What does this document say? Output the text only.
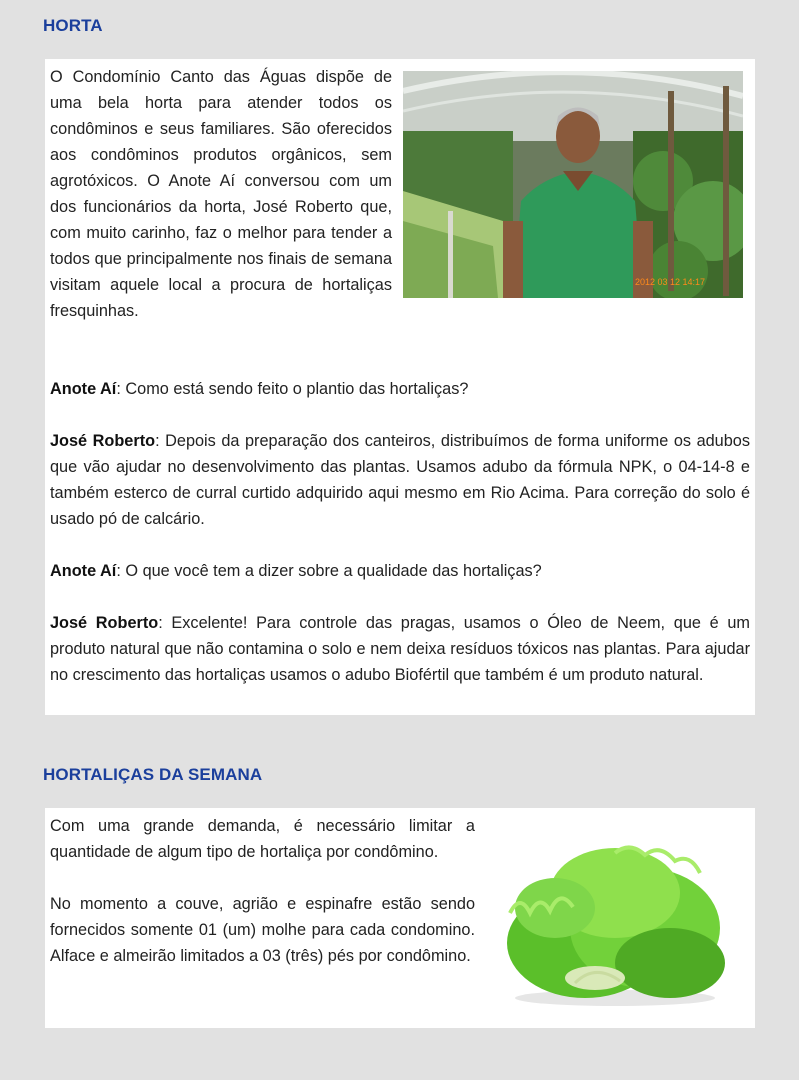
HORTA

O Condomínio Canto das Águas dispõe de uma bela horta para atender todos os condôminos e seus familiares. São oferecidos aos condôminos produtos orgânicos, sem agrotóxicos. O Anote Aí conversou com um dos funcionários da horta, José Roberto que, com muito carinho, faz o melhor para tender a todos que principalmente nos finais de semana visitam aquele local a procura de hortaliças fresquinhas.

2012 03 12 14:17

Anote Aí: Como está sendo feito o plantio das hortaliças?

José Roberto: Depois da preparação dos canteiros, distribuímos de forma uniforme os adubos que vão ajudar no desenvolvimento das plantas. Usamos adubo da fórmula NPK, o 04-14-8 e também esterco de curral curtido adquirido aqui mesmo em Rio Acima. Para correção do solo é usado pó de calcário.

Anote Aí: O que você tem a dizer sobre a qualidade das hortaliças?

José Roberto: Excelente! Para controle das pragas, usamos o Óleo de Neem, que é um produto natural que não contamina o solo e nem deixa resíduos tóxicos nas plantas. Para ajudar no crescimento das hortaliças usamos o adubo Biofértil que também é um produto natural.

HORTALIÇAS DA SEMANA

Com uma grande demanda, é necessário limitar a quantidade de algum tipo de hortaliça por condômino.

No momento a couve, agrião e espinafre estão sendo fornecidos somente 01 (um) molhe para cada condomino. Alface e almeirão limitados a 03 (três) pés por condômino.
